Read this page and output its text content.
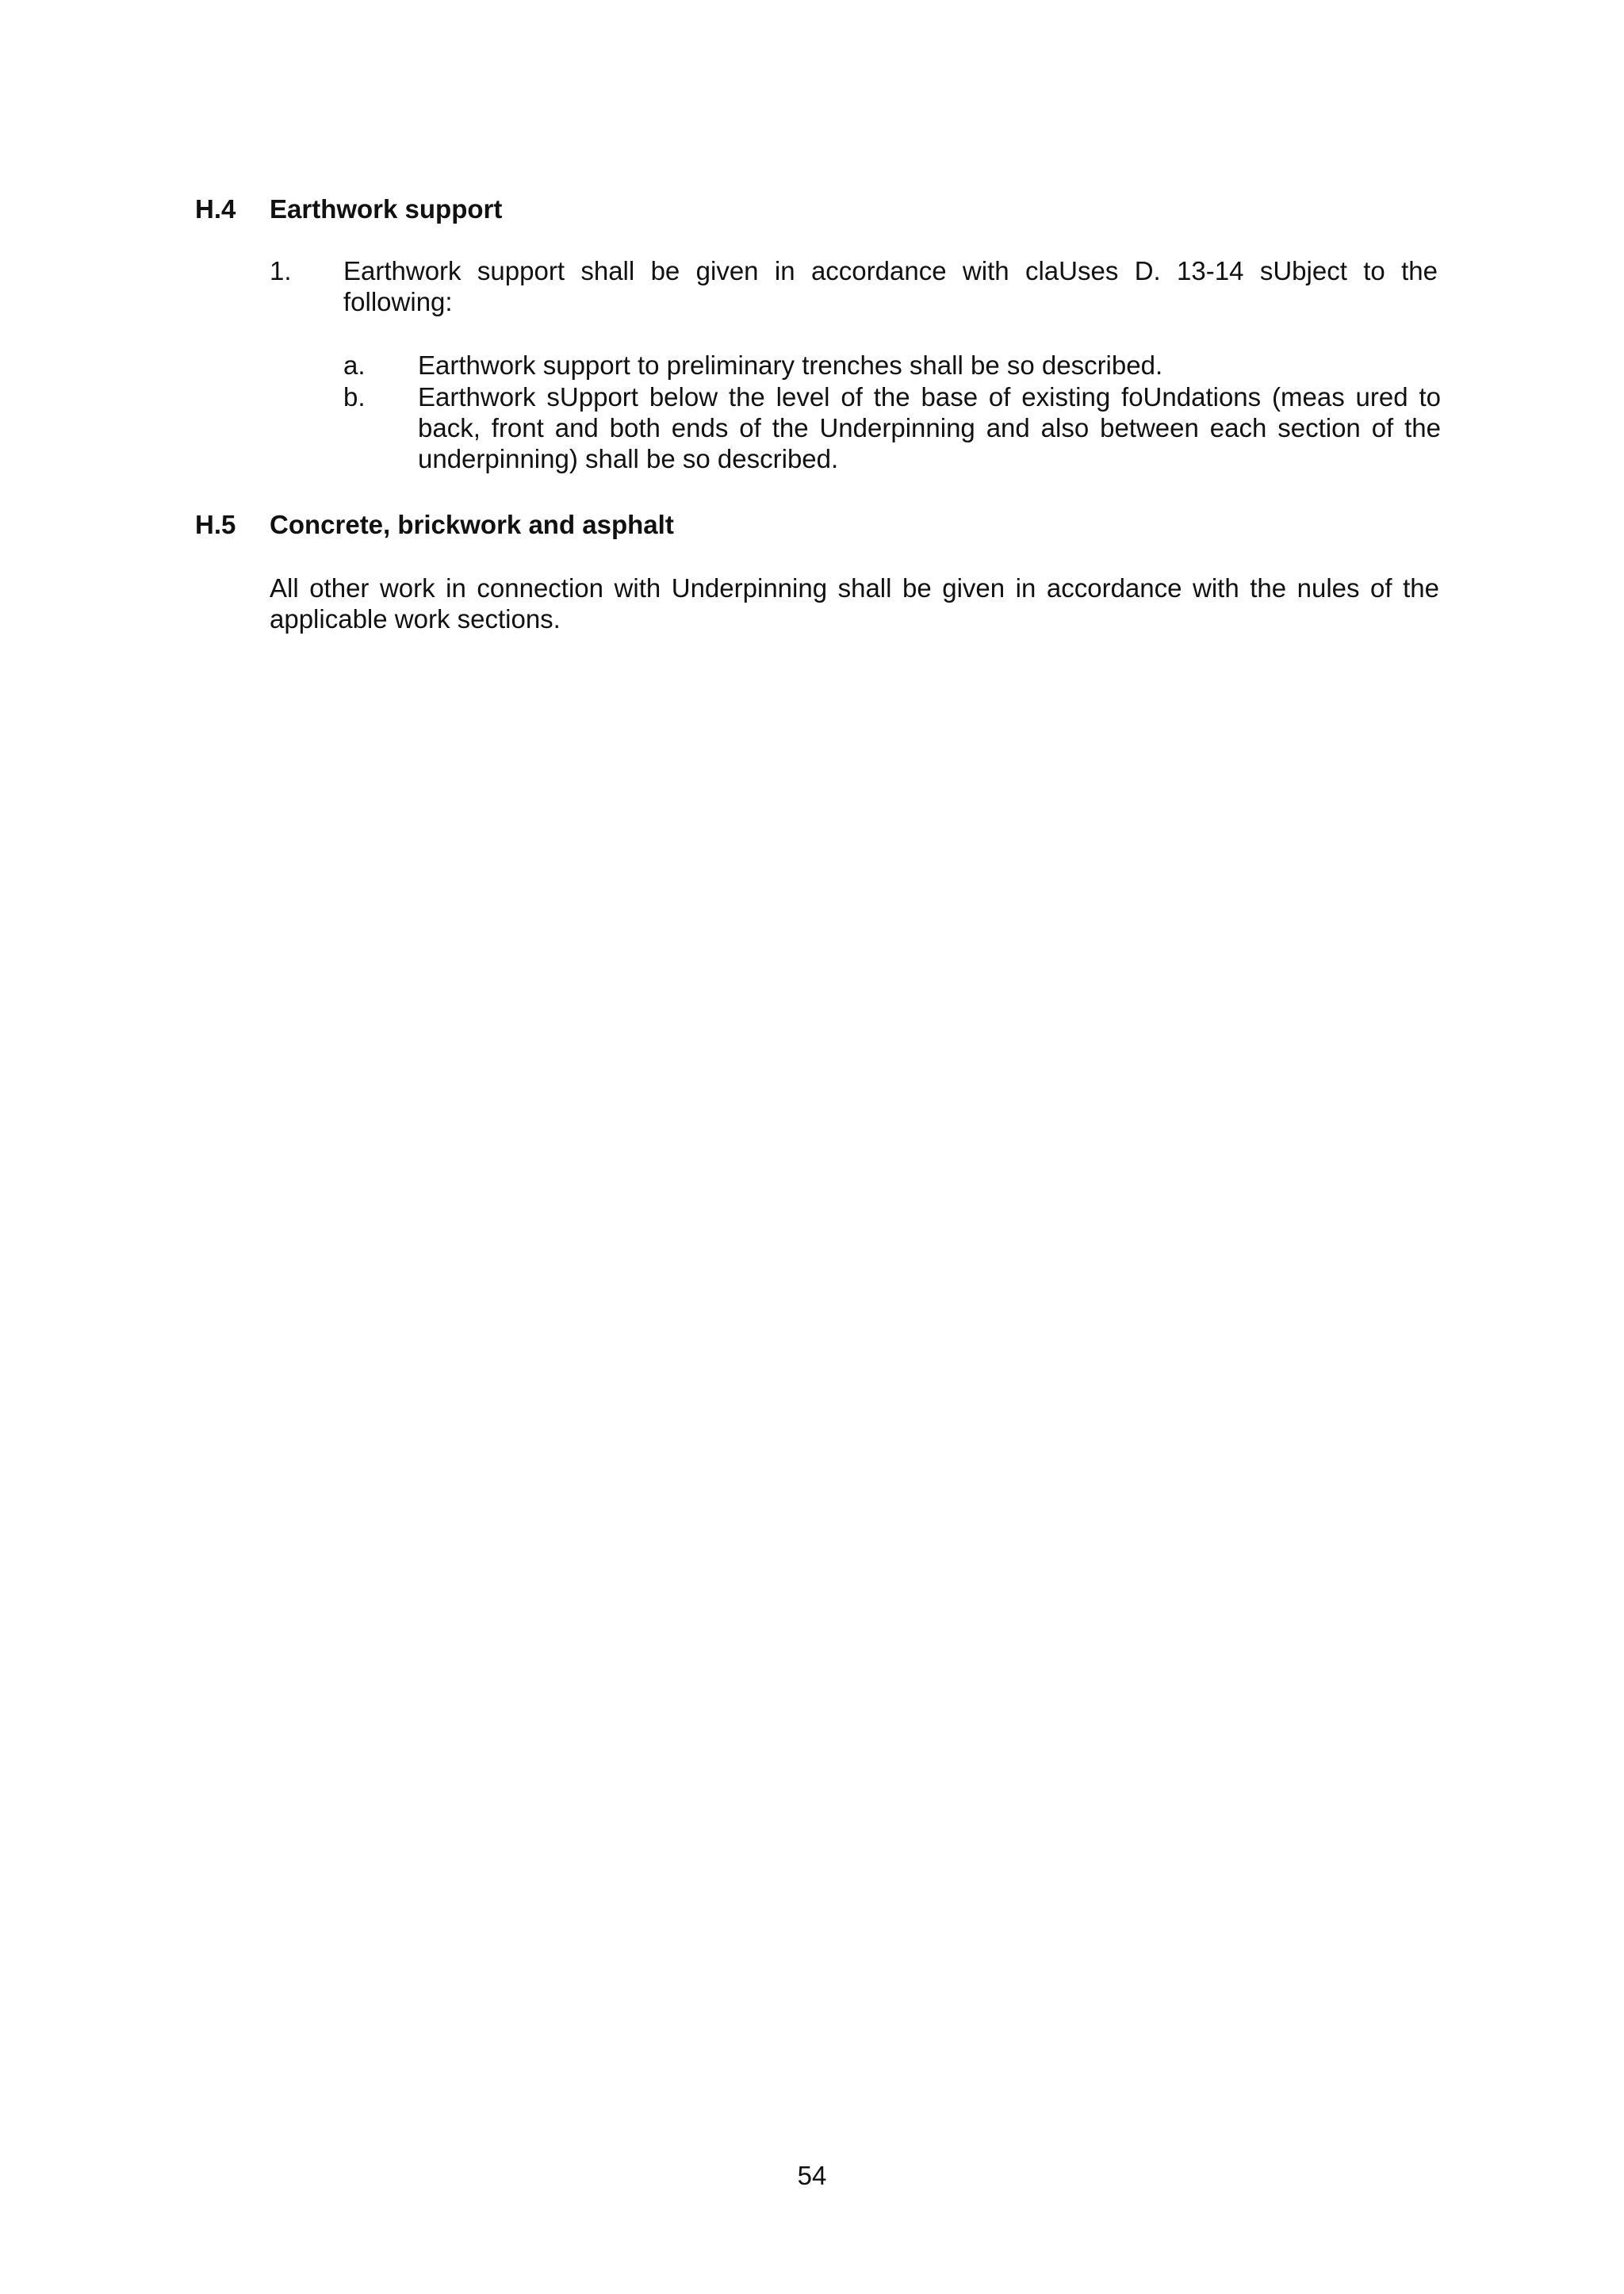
H.4 Earthwork support
1. Earthwork support shall be given in accordance with claUses D. 13-14 sUbject to the following:
a. Earthwork support to preliminary trenches shall be so described.
b. Earthwork sUpport below the level of the base of existing foUndations (meas ured to back, front and both ends of the Underpinning and also between each section of the underpinning) shall be so described.
H.5 Concrete, brickwork and asphalt
All other work in connection with Underpinning shall be given in accordance with the nules of the applicable work sections.
54
